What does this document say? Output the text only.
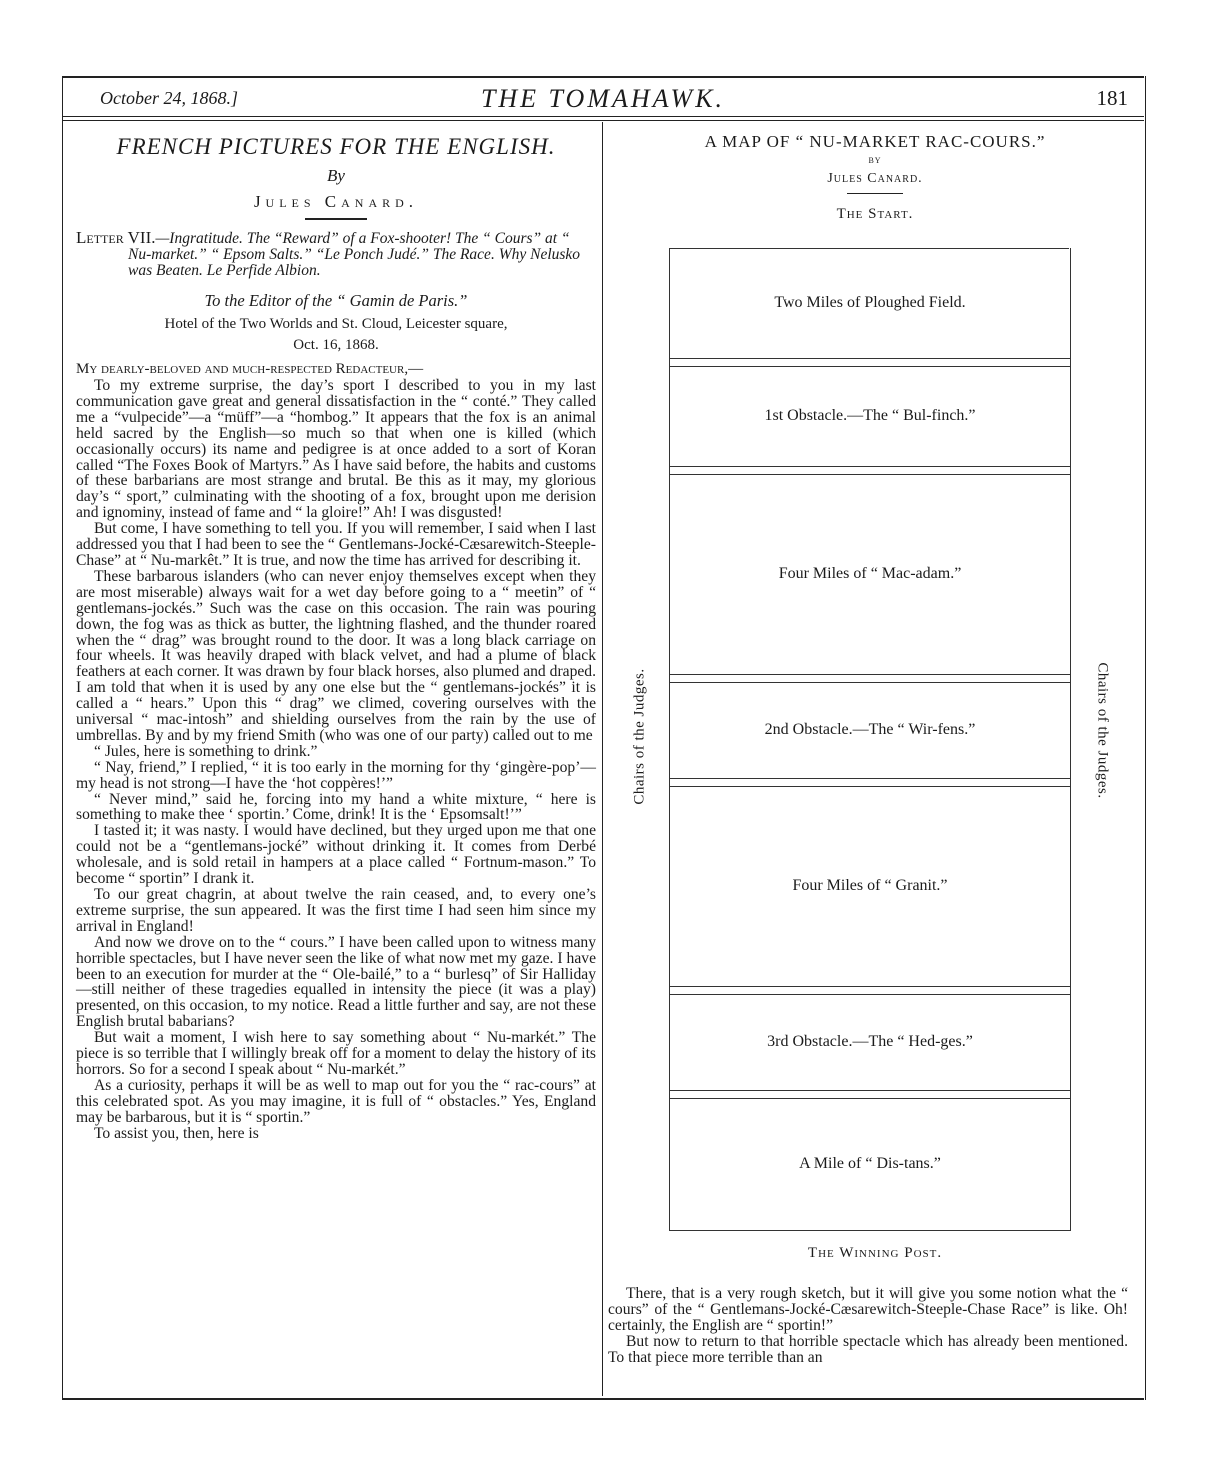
October 24, 1868.]	THE TOMAHAWK.	181
FRENCH PICTURES FOR THE ENGLISH.
By
Jules Canard.
Letter VII.—Ingratitude. The “Reward” of a Fox-shooter! The “ Cours” at “ Nu-market.” “ Epsom Salts.” “Le Ponch Judé.” The Race. Why Nelusko was Beaten. Le Perfide Albion.
To the Editor of the “ Gamin de Paris.”
Hotel of the Two Worlds and St. Cloud, Leicester square,
Oct. 16, 1868.
My dearly-beloved and much-respected Redacteur,—

To my extreme surprise, the day’s sport I described to you in my last communication gave great and general dissatisfaction in the “ conté.” They called me a “vulpecide”—a “müff”—a “hombog.” It appears that the fox is an animal held sacred by the English—so much so that when one is killed (which occasionally occurs) its name and pedigree is at once added to a sort of Koran called “The Foxes Book of Martyrs.” As I have said before, the habits and customs of these barbarians are most strange and brutal. Be this as it may, my glorious day’s “ sport,” culminating with the shooting of a fox, brought upon me derision and ignominy, instead of fame and “ la gloire!” Ah! I was disgusted!

But come, I have something to tell you. If you will remember, I said when I last addressed you that I had been to see the “ Gentlemans-Jocké-Cæsarewitch-Steeple-Chase” at “ Nu-markêt.” It is true, and now the time has arrived for describing it.

These barbarous islanders (who can never enjoy themselves except when they are most miserable) always wait for a wet day before going to a “ meetin” of “ gentlemans-jockés.” Such was the case on this occasion. The rain was pouring down, the fog was as thick as butter, the lightning flashed, and the thunder roared when the “ drag” was brought round to the door. It was a long black carriage on four wheels. It was heavily draped with black velvet, and had a plume of black feathers at each corner. It was drawn by four black horses, also plumed and draped. I am told that when it is used by any one else but the “ gentlemans-jockés” it is called a “ hears.” Upon this “ drag” we climed, covering ourselves with the universal “ mac-intosh” and shielding ourselves from the rain by the use of umbrellas. By and by my friend Smith (who was one of our party) called out to me

“ Jules, here is something to drink.”

“ Nay, friend,” I replied, “ it is too early in the morning for thy ‘gingère-pop’—my head is not strong—I have the ‘hot coppères!’”

“ Never mind,” said he, forcing into my hand a white mixture, “ here is something to make thee ‘ sportin.’ Come, drink! It is the ‘ Epsomsalt!’”

I tasted it; it was nasty. I would have declined, but they urged upon me that one could not be a “gentlemans-jocké” without drinking it. It comes from Derbé wholesale, and is sold retail in hampers at a place called “ Fortnum-mason.” To become “ sportin” I drank it.

To our great chagrin, at about twelve the rain ceased, and, to every one’s extreme surprise, the sun appeared. It was the first time I had seen him since my arrival in England!

And now we drove on to the “ cours.” I have been called upon to witness many horrible spectacles, but I have never seen the like of what now met my gaze. I have been to an execution for murder at the “ Ole-bailé,” to a “ burlesq” of Sir Halliday—still neither of these tragedies equalled in intensity the piece (it was a play) presented, on this occasion, to my notice. Read a little further and say, are not these English brutal babarians?

But wait a moment, I wish here to say something about “ Nu-markét.” The piece is so terrible that I willingly break off for a moment to delay the history of its horrors. So for a second I speak about “ Nu-markét.”

As a curiosity, perhaps it will be as well to map out for you the “ rac-cours” at this celebrated spot. As you may imagine, it is full of “ obstacles.” Yes, England may be barbarous, but it is “ sportin.”

To assist you, then, here is

A MAP OF “ NU-MARKET RAC-COURS.”
BY
Jules Canard.
The Start.
Two Miles of Ploughed Field.
1st Obstacle.—The “ Bul-finch.”
Four Miles of “ Mac-adam.”
2nd Obstacle.—The “ Wir-fens.”
Four Miles of “ Granit.”
3rd Obstacle.—The “ Hed-ges.”
A Mile of “ Dis-tans.”
Chairs of the Judges.	Chairs of the Judges.
The Winning Post.

There, that is a very rough sketch, but it will give you some notion what the “ cours” of the “ Gentlemans-Jocké-Cæsarewitch-Steeple-Chase Race” is like. Oh! certainly, the English are “ sportin!”

But now to return to that horrible spectacle which has already been mentioned. To that piece more terrible than an
